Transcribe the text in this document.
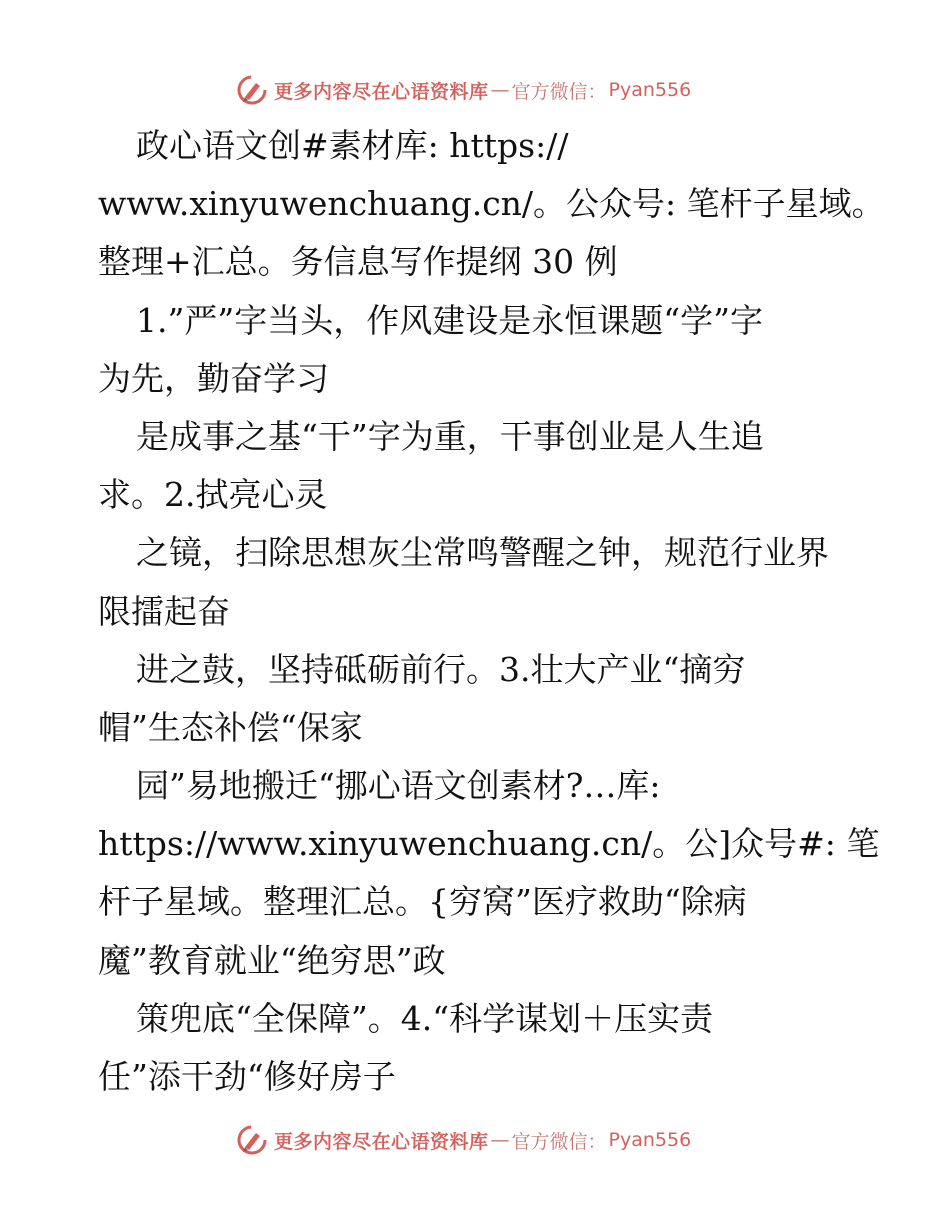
更多内容尽在心语资料库 — 官方微信： Pyan556
政心语文创#素材库: https://
www.xinyuwenchuang.cn/。公众号: 笔杆子星域。
整理+汇总。务信息写作提纲 30 例
1.”严”字当头，作风建设是永恒课题“学”字
为先，勤奋学习
是成事之基“干”字为重，干事创业是人生追
求。2.拭亮心灵
之镜，扫除思想灰尘常鸣警醒之钟，规范行业界
限擂起奋
进之鼓，坚持砥砺前行。3.壮大产业“摘穷
帽”生态补偿“保家
园”易地搬迁“挪心语文创素材?…库:
https://www.xinyuwenchuang.cn/。公]众号#: 笔
杆子星域。整理汇总。{穷窝”医疗救助“除病
魔”教育就业“绝穷思”政
策兜底“全保障”。4.“科学谋划＋压实责
任”添干劲“修好房子
更多内容尽在心语资料库 — 官方微信： Pyan556
